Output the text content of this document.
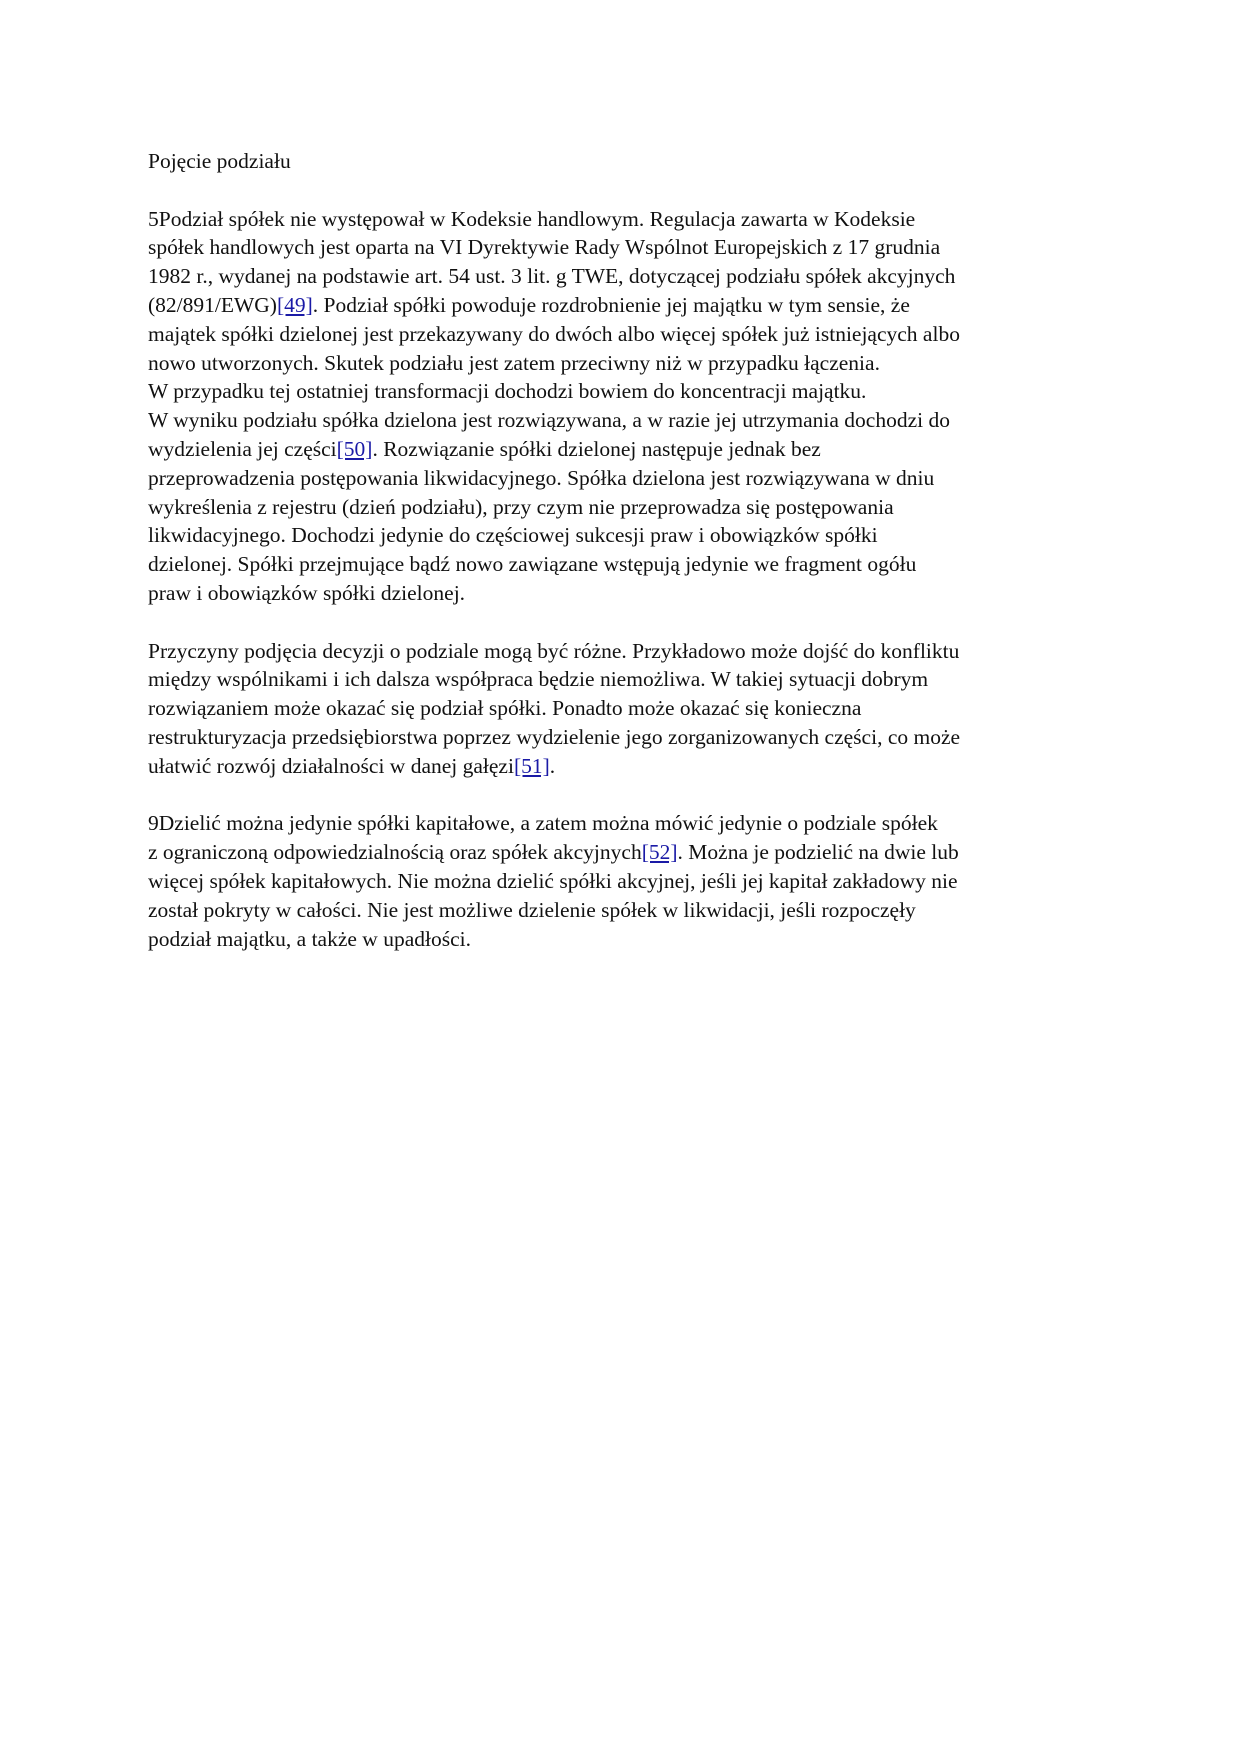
Pojęcie podziału
5Podział spółek nie występował w Kodeksie handlowym. Regulacja zawarta w Kodeksie
spółek handlowych jest oparta na VI Dyrektywie Rady Wspólnot Europejskich z 17 grudnia
1982 r., wydanej na podstawie art. 54 ust. 3 lit. g TWE, dotyczącej podziału spółek akcyjnych
(82/891/EWG)[49]. Podział spółki powoduje rozdrobnienie jej majątku w tym sensie, że
majątek spółki dzielonej jest przekazywany do dwóch albo więcej spółek już istniejących albo
nowo utworzonych. Skutek podziału jest zatem przeciwny niż w przypadku łączenia.
W przypadku tej ostatniej transformacji dochodzi bowiem do koncentracji majątku.
W wyniku podziału spółka dzielona jest rozwiązywana, a w razie jej utrzymania dochodzi do
wydzielenia jej części[50]. Rozwiązanie spółki dzielonej następuje jednak bez
przeprowadzenia postępowania likwidacyjnego. Spółka dzielona jest rozwiązywana w dniu
wykreślenia z rejestru (dzień podziału), przy czym nie przeprowadza się postępowania
likwidacyjnego. Dochodzi jedynie do częściowej sukcesji praw i obowiązków spółki
dzielonej. Spółki przejmujące bądź nowo zawiązane wstępują jedynie we fragment ogółu
praw i obowiązków spółki dzielonej.
Przyczyny podjęcia decyzji o podziale mogą być różne. Przykładowo może dojść do konfliktu
między wspólnikami i ich dalsza współpraca będzie niemożliwa. W takiej sytuacji dobrym
rozwiązaniem może okazać się podział spółki. Ponadto może okazać się konieczna
restrukturyzacja przedsiębiorstwa poprzez wydzielenie jego zorganizowanych części, co może
ułatwić rozwój działalności w danej gałęzi[51].
9Dzielić można jedynie spółki kapitałowe, a zatem można mówić jedynie o podziale spółek
z ograniczoną odpowiedzialnością oraz spółek akcyjnych[52]. Można je podzielić na dwie lub
więcej spółek kapitałowych. Nie można dzielić spółki akcyjnej, jeśli jej kapitał zakładowy nie
został pokryty w całości. Nie jest możliwe dzielenie spółek w likwidacji, jeśli rozpoczęły
podział majątku, a także w upadłości.
